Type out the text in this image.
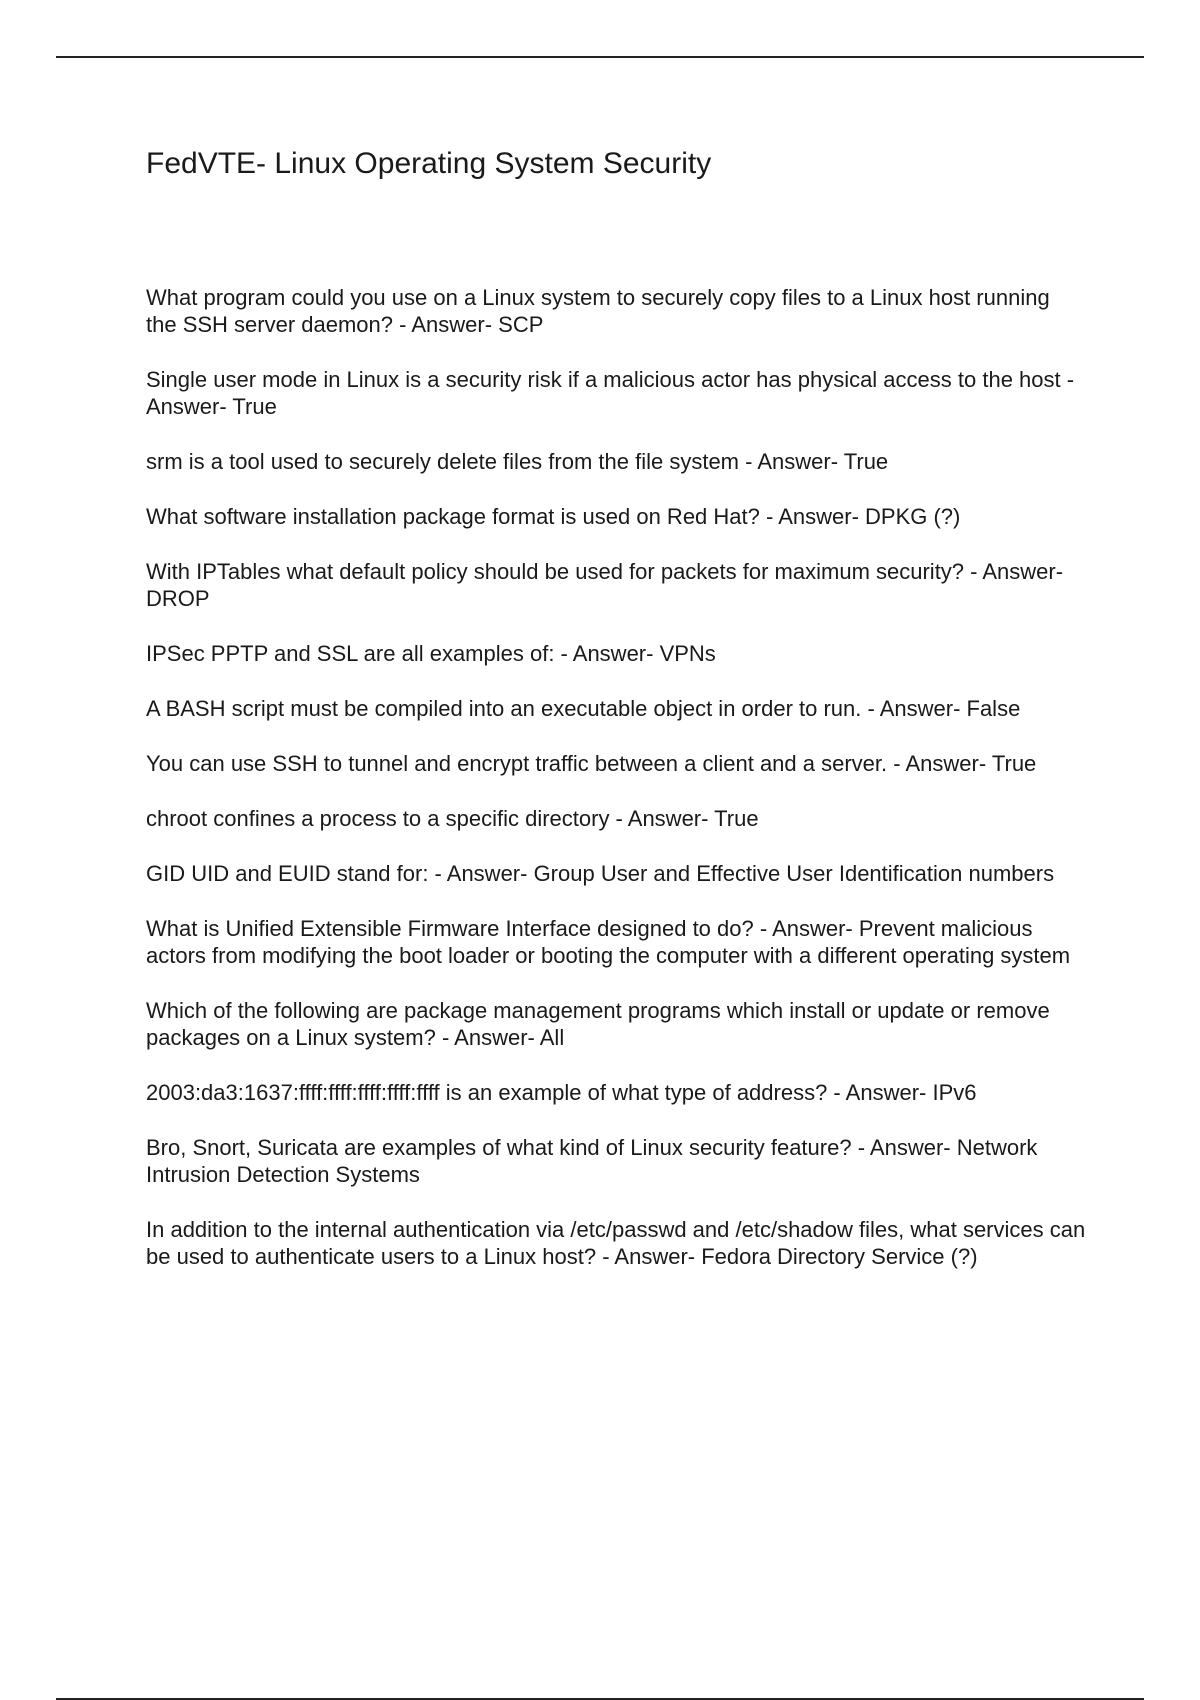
FedVTE- Linux Operating System Security
What program could you use on a Linux system to securely copy files to a Linux host running the SSH server daemon? - Answer- SCP
Single user mode in Linux is a security risk if a malicious actor has physical access to the host - Answer- True
srm is a tool used to securely delete files from the file system - Answer- True
What software installation package format is used on Red Hat? - Answer- DPKG (?)
With IPTables what default policy should be used for packets for maximum security? - Answer- DROP
IPSec PPTP and SSL are all examples of: - Answer- VPNs
A BASH script must be compiled into an executable object in order to run. - Answer- False
You can use SSH to tunnel and encrypt traffic between a client and a server. - Answer- True
chroot confines a process to a specific directory - Answer- True
GID UID and EUID stand for: - Answer- Group User and Effective User Identification numbers
What is Unified Extensible Firmware Interface designed to do? - Answer- Prevent malicious actors from modifying the boot loader or booting the computer with a different operating system
Which of the following are package management programs which install or update or remove packages on a Linux system? - Answer- All
2003:da3:1637:ffff:ffff:ffff:ffff:ffff is an example of what type of address? - Answer- IPv6
Bro, Snort, Suricata are examples of what kind of Linux security feature? - Answer- Network Intrusion Detection Systems
In addition to the internal authentication via /etc/passwd and /etc/shadow files, what services can be used to authenticate users to a Linux host? - Answer- Fedora Directory Service (?)
